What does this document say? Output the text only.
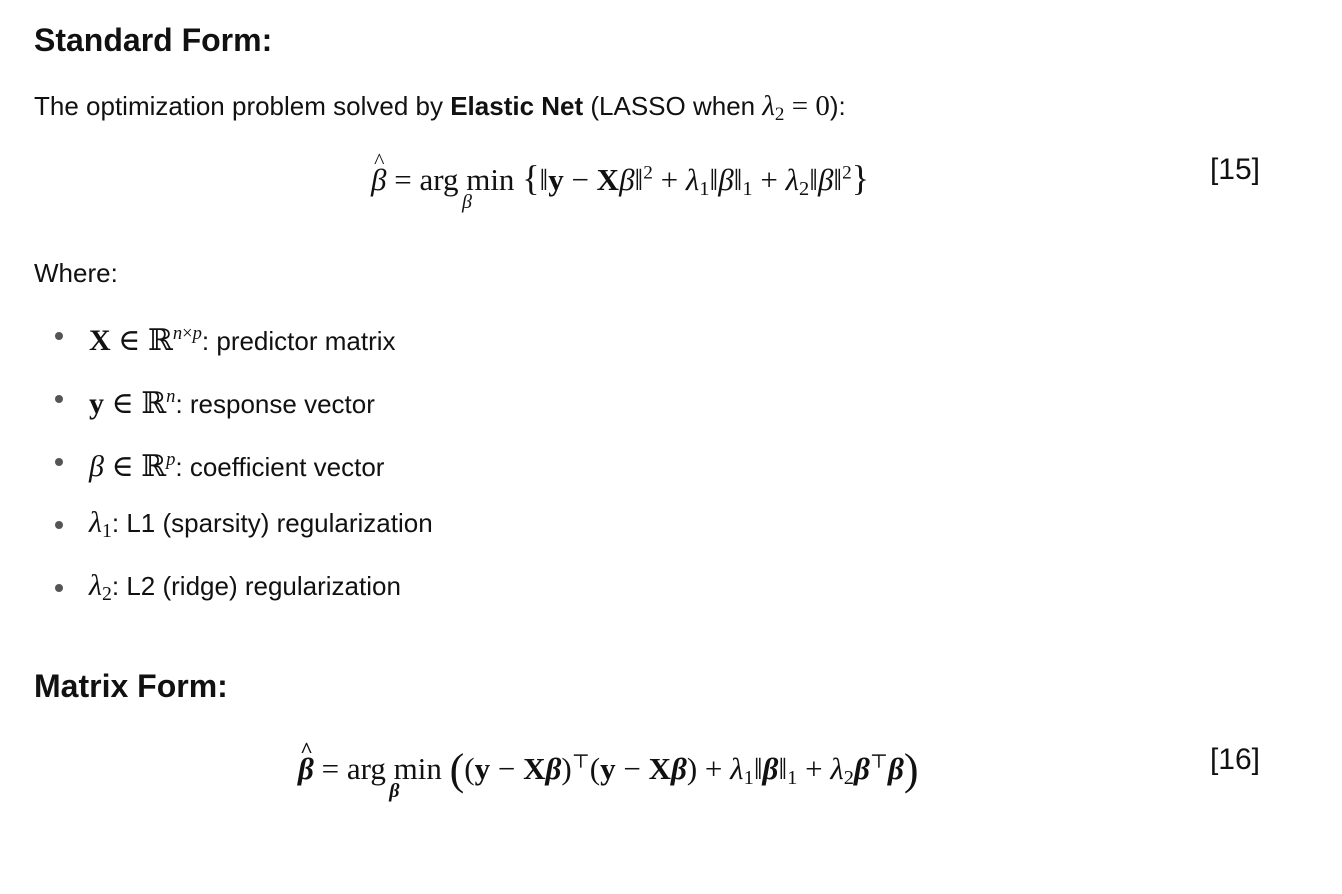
Standard Form:
The optimization problem solved by Elastic Net (LASSO when $\lambda_2 = 0$):
^ β = arg min
β
{‖y − Xβ‖$^2$ + $\lambda_1‖\beta‖_1$ + $\lambda_2‖\beta‖^2$}	[15]
Where:
X ∈ ℝ$^{n\times p}$: predictor matrix
y ∈ ℝ$^n$: response vector
β ∈ ℝ$^p$: coefficient vector
$\lambda_1$: L1 (sparsity) regularization
$\lambda_2$: L2 (ridge) regularization
Matrix Form:
^ β = arg min
β $((y - X\beta)^⊤(y - X\beta) + \lambda_1‖\beta‖_1 + \lambda_2\beta^⊤\beta)$	[16]
